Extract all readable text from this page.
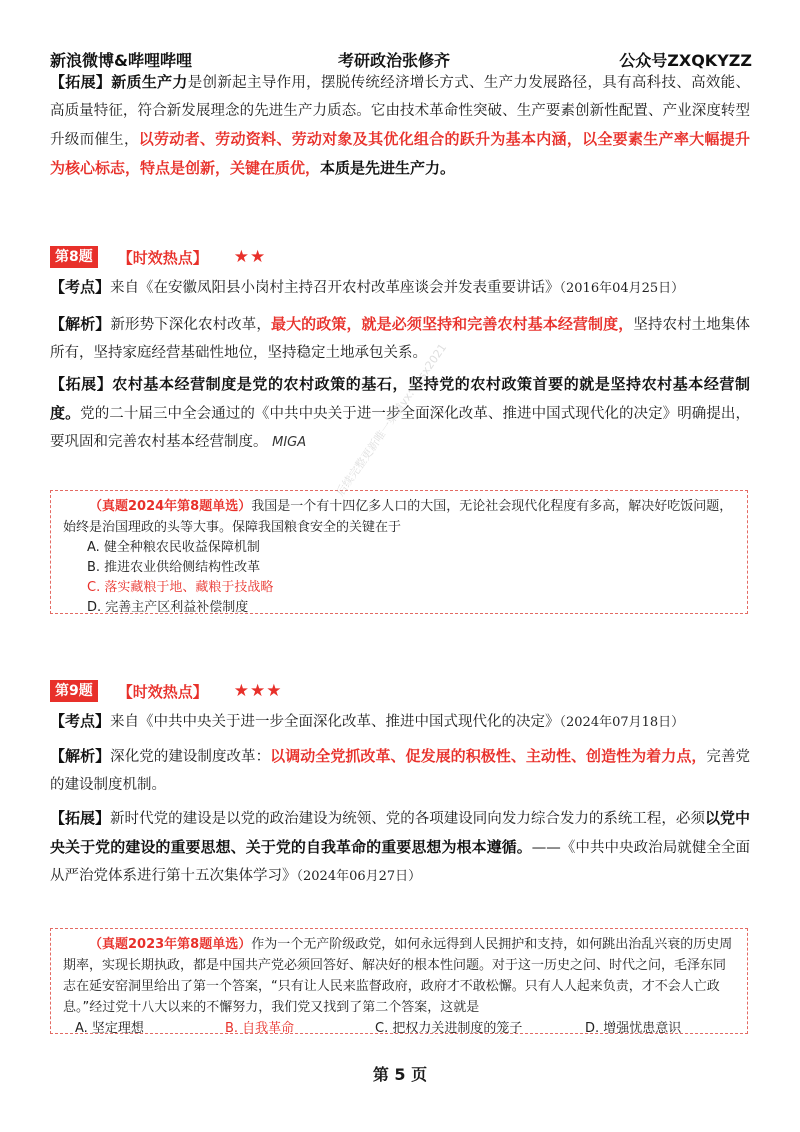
新浪微博&哔哩哔哩	考研政治张修齐	公众号ZXQKYZZ
【拓展】新质生产力是创新起主导作用，摆脱传统经济增长方式、生产力发展路径，具有高科技、高效能、高质量特征，符合新发展理念的先进生产力质态。它由技术革命性突破、生产要素创新性配置、产业深度转型升级而催生，以劳动者、劳动资料、劳动对象及其优化组合的跃升为基本内涵，以全要素生产率大幅提升为核心标志，特点是创新，关键在质优，本质是先进生产力。
第8题	【时效热点】 ★★
【考点】来自《在安徽凤阳县小岗村主持召开农村改革座谈会并发表重要讲话》（2016年04月25日）
【解析】新形势下深化农村改革，最大的政策，就是必须坚持和完善农村基本经营制度，坚持农村土地集体所有，坚持家庭经营基础性地位，坚持稳定土地承包关系。
【拓展】农村基本经营制度是党的农村政策的基石，坚持党的农村政策首要的就是坚持农村基本经营制度。党的二十届三中全会通过的《中共中央关于进一步全面深化改革、推进中国式现代化的决定》明确提出，要巩固和完善农村基本经营制度。 MIGA
（真题2024年第8题单选）我国是一个有十四亿多人口的大国，无论社会现代化程度有多高，解决好吃饭问题，始终是治国理政的头等大事。保障我国粮食安全的关键在于
A. 健全种粮农民收益保障机制
B. 推进农业供给侧结构性改革
C. 落实藏粮于地、藏粮于技战略
D. 完善主产区利益补偿制度
后续完整更新唯一渠道vx: kysx2021
第9题	【时效热点】 ★★★
【考点】来自《中共中央关于进一步全面深化改革、推进中国式现代化的决定》（2024年07月18日）
【解析】深化党的建设制度改革：以调动全党抓改革、促发展的积极性、主动性、创造性为着力点，完善党的建设制度机制。
【拓展】新时代党的建设是以党的政治建设为统领、党的各项建设同向发力综合发力的系统工程，必须以党中央关于党的建设的重要思想、关于党的自我革命的重要思想为根本遵循。——《中共中央政治局就健全全面从严治党体系进行第十五次集体学习》（2024年06月27日）
（真题2023年第8题单选）作为一个无产阶级政党，如何永远得到人民拥护和支持，如何跳出治乱兴衰的历史周期率，实现长期执政，都是中国共产党必须回答好、解决好的根本性问题。对于这一历史之问、时代之问，毛泽东同志在延安窑洞里给出了第一个答案，“只有让人民来监督政府，政府才不敢松懈。只有人人起来负责，才不会人亡政息。”经过党十八大以来的不懈努力，我们党又找到了第二个答案，这就是
A. 坚定理想	B. 自我革命	C. 把权力关进制度的笼子	D. 增强忧患意识
第 5 页
